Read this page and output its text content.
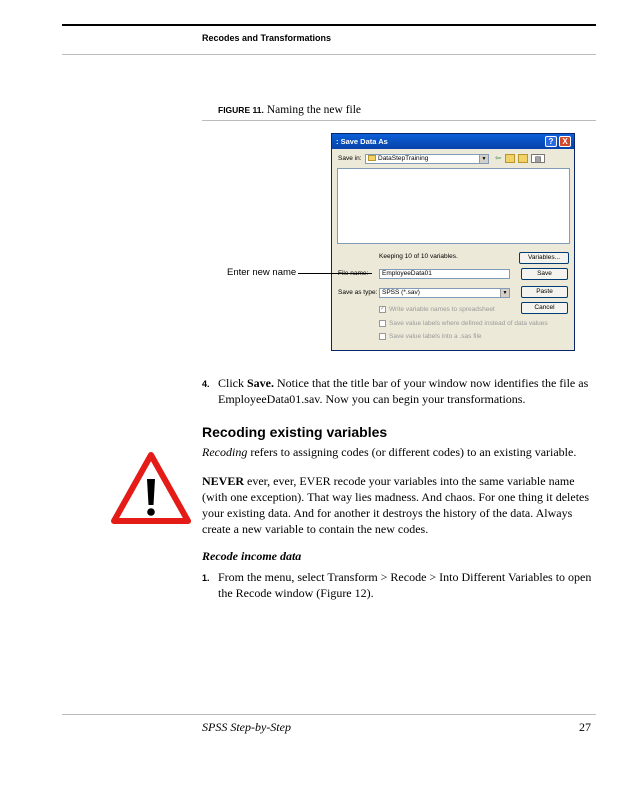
Recodes and Transformations
FIGURE 11. Naming the new file
: Save Data As	?	X
Save in:	DataStepTraining	▼ ⇦	▤
Keeping 10 of 10 variables.	Variables...
EmployeeData01	Save
Save as type: SPSS (*.sav)	▼	Paste
Cancel
✓ Write variable names to spreadsheet
Save value labels where defined instead of data values
Save value labels into a .sas file
Enter new name
4. Click Save. Notice that the title bar of your window now identifies the file as EmployeeData01.sav. Now you can begin your transformations.
Recoding existing variables
Recoding refers to assigning codes (or different codes) to an existing variable.
NEVER ever, ever, EVER recode your variables into the same variable name (with one exception). That way lies madness. And chaos. For one thing it deletes your existing data. And for another it destroys the history of the data. Always create a new variable to contain the new codes.
Recode income data
1. From the menu, select Transform > Recode > Into Different Variables to open the Recode window (Figure 12).
SPSS Step-by-Step	27
